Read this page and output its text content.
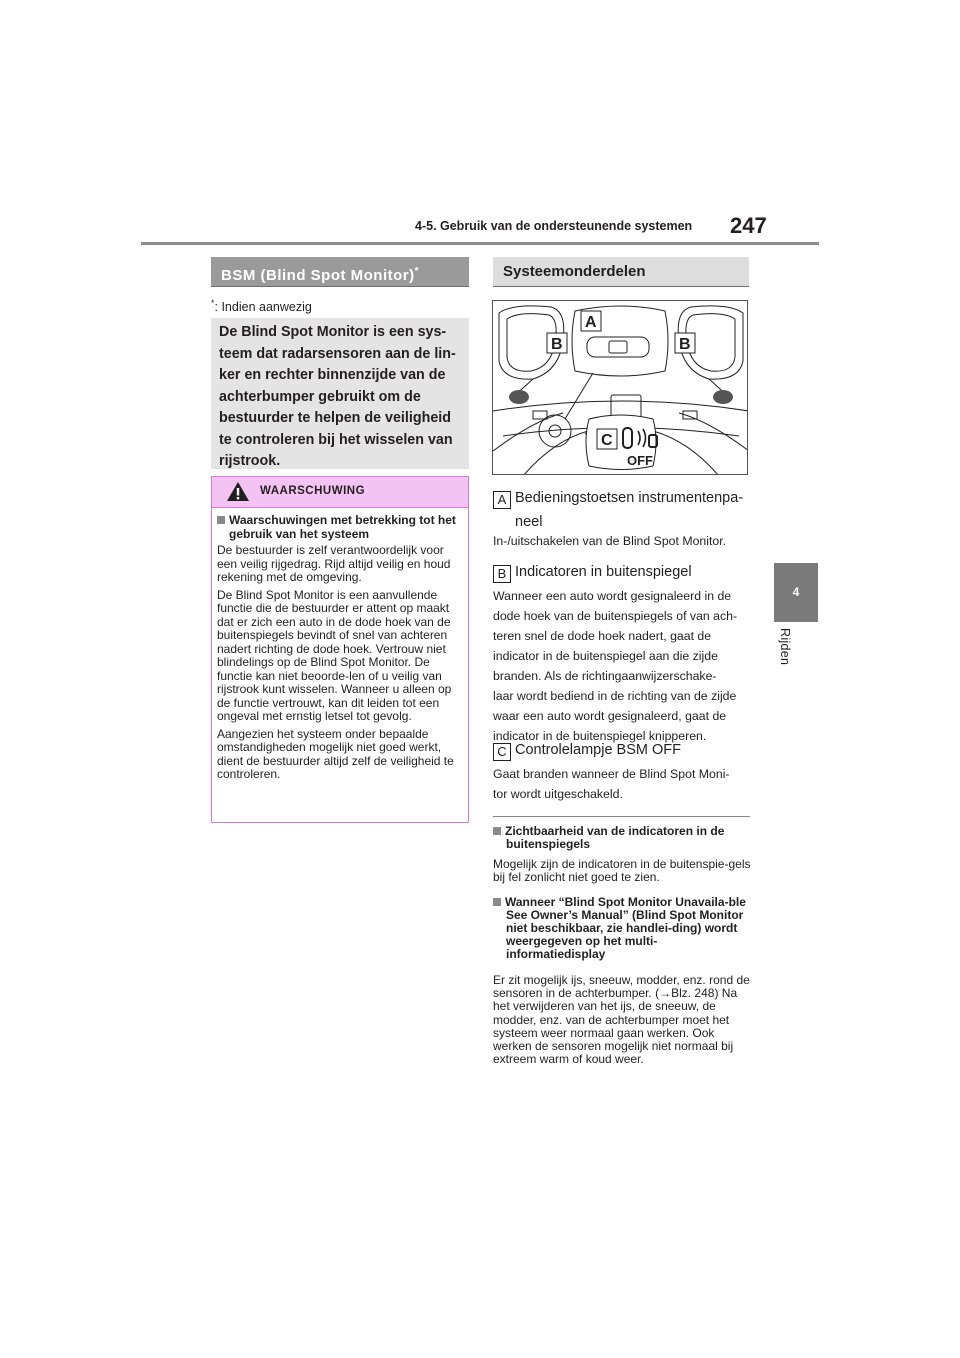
4-5. Gebruik van de ondersteunende systemen 247
4
Rijden
BSM (Blind Spot Monitor)*
*: Indien aanwezig
De Blind Spot Monitor is een sys-
teem dat radarsensoren aan de lin-
ker en rechter binnenzijde van de
achterbumper gebruikt om de
bestuurder te helpen de veiligheid
te controleren bij het wisselen van
rijstrook.
WAARSCHUWING
Waarschuwingen met betrekking tot het gebruik van het systeem

De bestuurder is zelf verantwoordelijk voor een veilig rijgedrag. Rijd altijd veilig en houd rekening met de omgeving.

De Blind Spot Monitor is een aanvullende functie die de bestuurder er attent op maakt dat er zich een auto in de dode hoek van de buitenspiegels bevindt of snel van achteren nadert richting de dode hoek. Vertrouw niet blindelings op de Blind Spot Monitor. De functie kan niet beoorde-len of u veilig van rijstrook kunt wisselen. Wanneer u alleen op de functie vertrouwt, kan dit leiden tot een ongeval met ernstig letsel tot gevolg.

Aangezien het systeem onder bepaalde omstandigheden mogelijk niet goed werkt, dient de bestuurder altijd zelf de veiligheid te controleren.

Systeemonderdelen
A
B	B
C
OFF
A Bedieningstoetsen instrumentenpa-
neel
In-/uitschakelen van de Blind Spot Monitor.
B Indicatoren in buitenspiegel
Wanneer een auto wordt gesignaleerd in de
dode hoek van de buitenspiegels of van ach-
teren snel de dode hoek nadert, gaat de
indicator in de buitenspiegel aan die zijde
branden. Als de richtingaanwijzerschake-
laar wordt bediend in de richting van de zijde
waar een auto wordt gesignaleerd, gaat de
indicator in de buitenspiegel knipperen.
C Controlelampje BSM OFF
Gaat branden wanneer de Blind Spot Moni-
tor wordt uitgeschakeld.
Zichtbaarheid van de indicatoren in de buitenspiegels
Mogelijk zijn de indicatoren in de buitenspie-gels bij fel zonlicht niet goed te zien.
Wanneer “Blind Spot Monitor Unavaila-ble See Owner’s Manual” (Blind Spot Monitor niet beschikbaar, zie handlei-ding) wordt weergegeven op het multi-informatiedisplay
Er zit mogelijk ijs, sneeuw, modder, enz. rond de sensoren in de achterbumper. (→Blz. 248) Na het verwijderen van het ijs, de sneeuw, de modder, enz. van de achterbumper moet het systeem weer normaal gaan werken. Ook werken de sensoren mogelijk niet normaal bij extreem warm of koud weer.
